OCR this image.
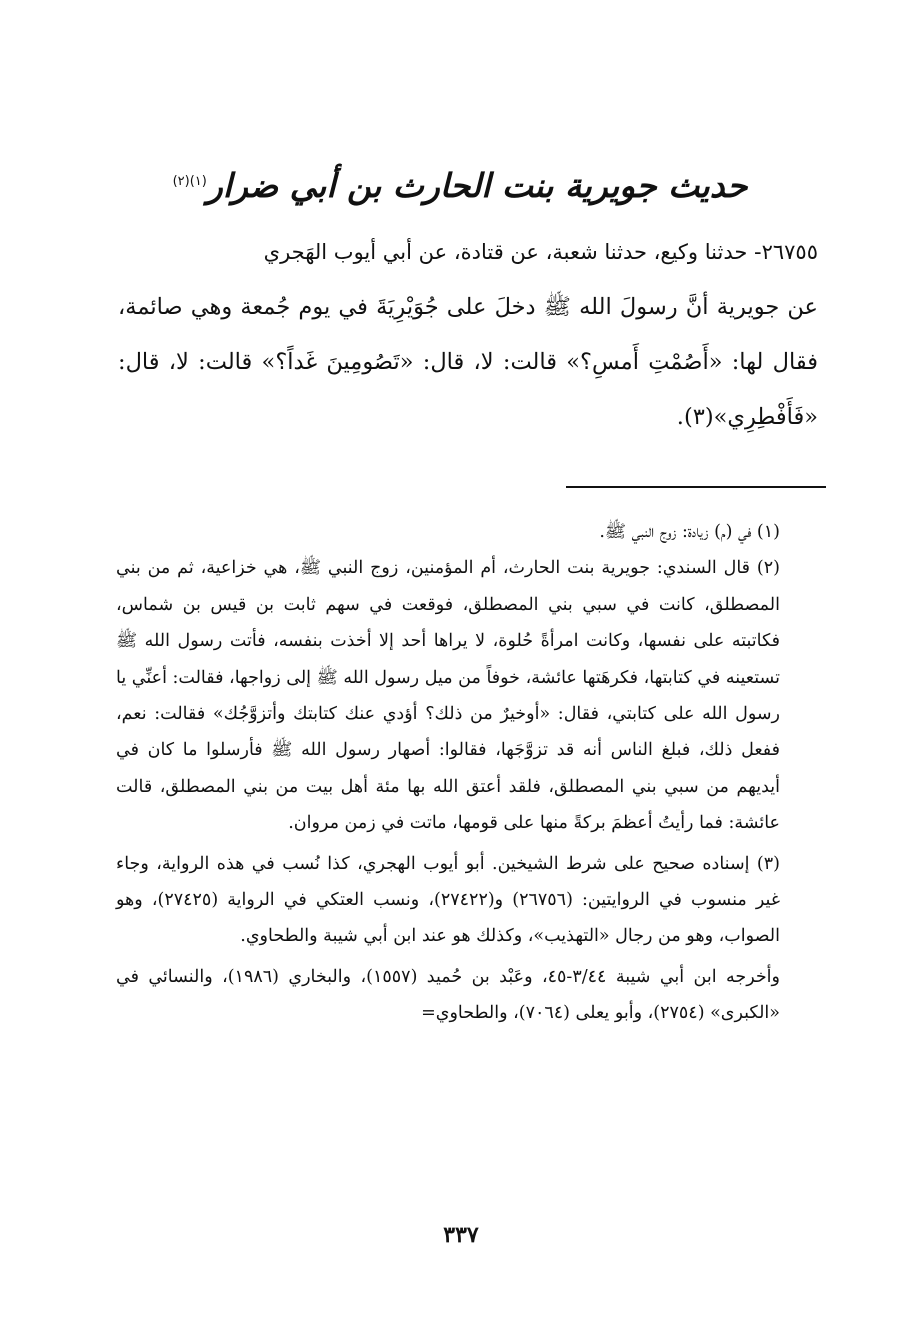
حديث جويرية بنت الحارث بن أبي ضرار$^{(١)(٢)}$

٢٦٧٥٥- حدثنا وكيع، حدثنا شعبة، عن قتادة، عن أبي أيوب الهَجري

عن جويرية أنَّ رسولَ الله ﷺ دخلَ على جُوَيْرِيَةَ في يوم جُمعة وهي صائمة، فقال لها: «أَصُمْتِ أَمسِ؟» قالت: لا، قال: «تَصُومِينَ غَداً؟» قالت: لا، قال: «فَأَفْطِرِي»(٣).

(١) في (م) زيادة: زوج النبي ﷺ.

(٢) قال السندي: جويرية بنت الحارث، أم المؤمنين، زوج النبي ﷺ، هي خزاعية، ثم من بني المصطلق، كانت في سبي بني المصطلق، فوقعت في سهم ثابت بن قيس بن شماس، فكاتبته على نفسها، وكانت امرأةً حُلوة، لا يراها أحد إلا أخذت بنفسه، فأتت رسول الله ﷺ تستعينه في كتابتها، فكرهَتها عائشة، خوفاً من ميل رسول الله ﷺ إلى زواجها، فقالت: أعنِّي يا رسول الله على كتابتي، فقال: «أوخيرٌ من ذلك؟ أؤدي عنك كتابتك وأتزوَّجُك» فقالت: نعم، ففعل ذلك، فبلغ الناس أنه قد تزوَّجَها، فقالوا: أصهار رسول الله ﷺ فأرسلوا ما كان في أيديهم من سبي بني المصطلق، فلقد أعتق الله بها مئة أهل بيت من بني المصطلق، قالت عائشة: فما رأيتُ أعظمَ بركةً منها على قومها، ماتت في زمن مروان.

(٣) إسناده صحيح على شرط الشيخين. أبو أيوب الهجري، كذا نُسب في هذه الرواية، وجاء غير منسوب في الروايتين: (٢٦٧٥٦) و(٢٧٤٢٢)، ونسب العتكي في الرواية (٢٧٤٢٥)، وهو الصواب، وهو من رجال «التهذيب»، وكذلك هو عند ابن أبي شيبة والطحاوي.

وأخرجه ابن أبي شيبة ٣/٤٤-٤٥، وعَبْد بن حُميد (١٥٥٧)، والبخاري (١٩٨٦)، والنسائي في «الكبرى» (٢٧٥٤)، وأبو يعلى (٧٠٦٤)، والطحاوي=

٣٣٧
